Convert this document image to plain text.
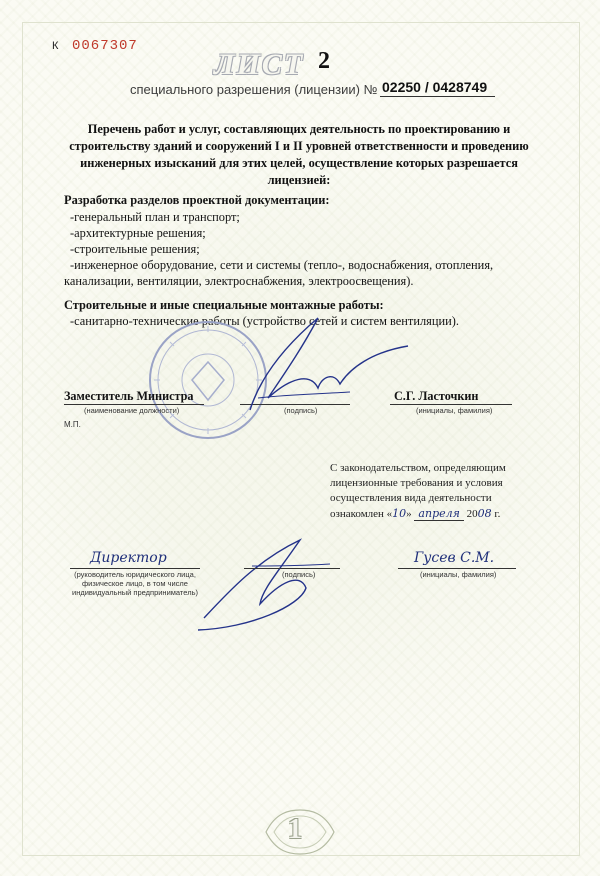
К 0067307
ЛИСТ 2
специального разрешения (лицензии) № 02250 / 0428749
Перечень работ и услуг, составляющих деятельность по проектированию и строительству зданий и сооружений I и II уровней ответственности и проведению инженерных изысканий для этих целей, осуществление которых разрешается лицензией:
Разработка разделов проектной документации:
-генеральный план и транспорт;
-архитектурные решения;
-строительные решения;
-инженерное оборудование, сети и системы (тепло-, водоснабжения, отопления,
канализации, вентиляции, электроснабжения, электроосвещения).
Строительные и иные специальные монтажные работы:
-санитарно-технические работы (устройство сетей и систем вентиляции).
Заместитель Министра
(наименование должности)	(подпись)
С.Г. Ласточкин
(инициалы, фамилия)
М.П.
С законодательством, определяющим
лицензионные требования и условия
осуществления вида деятельности
ознакомлен «10» апреля 2008 г.
Директор
(руководитель юридического лица, физическое лицо, в том числе индивидуальный предприниматель)
(подпись)
Гусев С.М.
(инициалы, фамилия)
1
